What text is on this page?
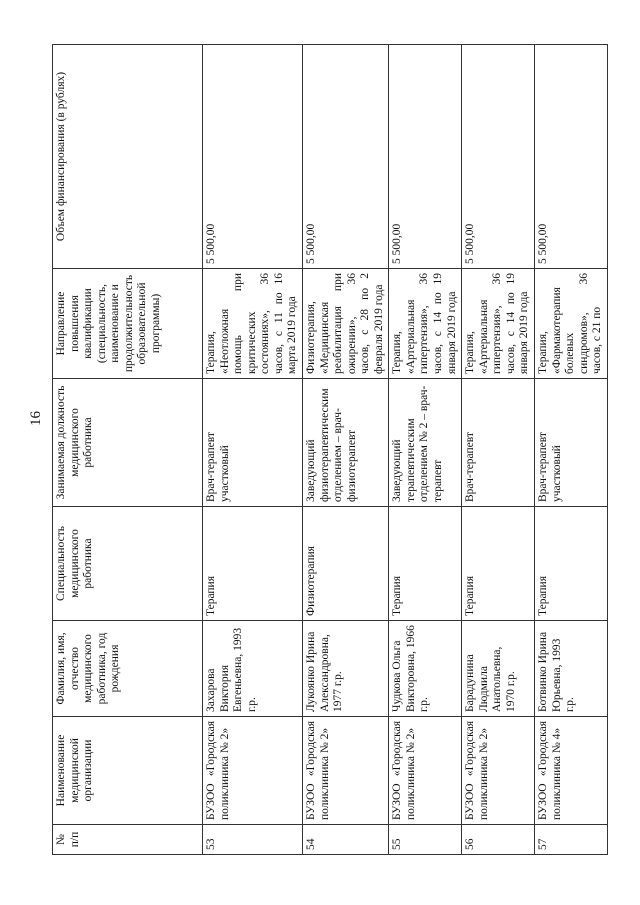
16
№ п/п	Наименование медицинской организации	Фамилия, имя, отчество медицинского работника, год рождения	Специальность медицинского работника	Занимаемая должность медицинского работника	Направление повышения квалификации (специальность, наименование и продолжительность образовательной программы)	Объем финансирования (в рублях)
53	БУЗОО «Городская поликлиника № 2»	Захарова Виктория Евгеньевна, 1993 г.р.	Терапия	Врач-терапевт участковый	Терапия, «Неотложная помощь при критических состояниях», 36 часов, с 11 по 16 марта 2019 года	5 500,00
54	БУЗОО «Городская поликлиника № 2»	Лукоянко Ирина Александровна, 1977 г.р.	Физиотерапия	Заведующий физиотерапевтическим отделением – врач-физиотерапевт	Физиотерапия, «Медицинская реабилитация при ожирении», 36 часов, с 28 по 2 февраля 2019 года	5 500,00
55	БУЗОО «Городская поликлиника № 2»	Чудкова Ольга Викторовна, 1966 г.р.	Терапия	Заведующий терапевтическим отделением № 2 – врач-терапевт	Терапия, «Артериальная гипертензия», 36 часов, с 14 по 19 января 2019 года	5 500,00
56	БУЗОО «Городская поликлиника № 2»	Барадунина Людмила Анатольевна, 1970 г.р.	Терапия	Врач-терапевт	Терапия, «Артериальная гипертензия», 36 часов, с 14 по 19 января 2019 года	5 500,00
57	БУЗОО «Городская поликлиника № 4»	Ботвинко Ирина Юрьевна, 1993 г.р.	Терапия	Врач-терапевт участковый	Терапия, «Фармакотерапия болевых синдромов», 36 часов, с 21 по	5 500,00
